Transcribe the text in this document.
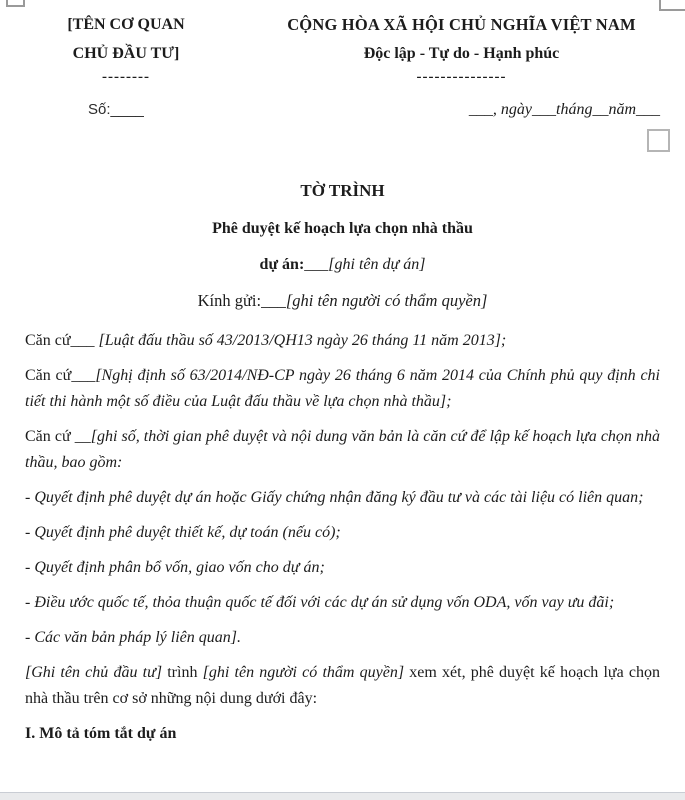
[TÊN CƠ QUAN
CHỦ ĐẦU TƯ]
--------
CỘNG HÒA XÃ HỘI CHỦ NGHĨA VIỆT NAM
Độc lập - Tự do - Hạnh phúc
---------------
Số:____	___, ngày___tháng__năm___
TỜ TRÌNH
Phê duyệt kế hoạch lựa chọn nhà thầu
dự án:___[ghi tên dự án]
Kính gửi:___[ghi tên người có thẩm quyền]

Căn cứ___ [Luật đấu thầu số 43/2013/QH13 ngày 26 tháng 11 năm 2013];

Căn cứ___[Nghị định số 63/2014/NĐ-CP ngày 26 tháng 6 năm 2014 của Chính phủ quy định chi tiết thi hành một số điều của Luật đấu thầu về lựa chọn nhà thầu];

Căn cứ __[ghi số, thời gian phê duyệt và nội dung văn bản là căn cứ để lập kế hoạch lựa chọn nhà thầu, bao gồm:

- Quyết định phê duyệt dự án hoặc Giấy chứng nhận đăng ký đầu tư và các tài liệu có liên quan;

- Quyết định phê duyệt thiết kế, dự toán (nếu có);

- Quyết định phân bổ vốn, giao vốn cho dự án;

- Điều ước quốc tế, thỏa thuận quốc tế đối với các dự án sử dụng vốn ODA, vốn vay ưu đãi;

- Các văn bản pháp lý liên quan].

[Ghi tên chủ đầu tư] trình [ghi tên người có thẩm quyền] xem xét, phê duyệt kế hoạch lựa chọn nhà thầu trên cơ sở những nội dung dưới đây:

I. Mô tả tóm tắt dự án
